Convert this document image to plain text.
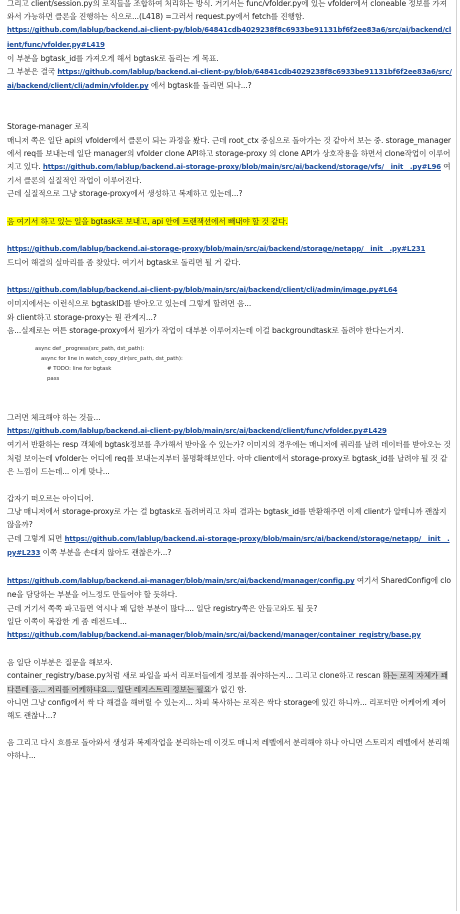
그리고 client/session.py의 로직들을 조합하여 처리하는 방식. 거기서는 func/vfolder.py에 있는 vfolder에서 cloneable 정보를 가져와서 가능하면 클론을 진행하는 식으로...(L418) =그러서 request.py에서 fetch를 진행함.

https://github.com/lablup/backend.ai-client-py/blob/64841cdb4029238f8c6933be91131bf6f2ee83a6/src/ai/backend/client/func/vfolder.py#L419

이 부분을 bgtask_id를 가져오게 해서 bgtask로 돌리는 게 목표.

그 부분은 결국 https://github.com/lablup/backend.ai-client-py/blob/64841cdb4029238f8c6933be91131bf6f2ee83a6/src/ai/backend/client/cli/admin/vfolder.py 에서 bgtask를 돌리면 되나...?

Storage-manager 로직

매니저 쪽은 일단 api의 vfolder에서 클론이 되는 과정을 봤다. 근데 root_ctx 중심으로 돌아가는 것 같아서 보는 중. storage_manager에서 req를 보내는데 일단 manager의 vfolder clone API하고 storage-proxy 의 clone API가 상호작용을 하면서 clone작업이 이루어지고 있다. https://github.com/lablup/backend.ai-storage-proxy/blob/main/src/ai/backend/storage/vfs/__init__.py#L96 여기서 클론의 실질적인 작업이 이루어진다.

근데 실질적으로 그냥 storage-proxy에서 생성하고 복제하고 있는데...?

음 여기서 하고 있는 일을 bgtask로 보내고, api 안에 트랜잭션에서 빼내야 할 것 같다.

https://github.com/lablup/backend.ai-storage-proxy/blob/main/src/ai/backend/storage/netapp/__init__.py#L231

드디어 해결의 실마리를 좀 찾았다. 여기서 bgtask로 돌리면 될 거 같다.

https://github.com/lablup/backend.ai-client-py/blob/main/src/ai/backend/client/cli/admin/image.py#L64

이미지에서는 이런식으로 bgtaskID를 받아오고 있는데 그렇게 할려면 음...

와 client하고 storage-proxy는 뭔 관계지...?

음...실제로는 여튼 storage-proxy에서 뭔가가 작업이 대부분 이루어지는데 이걸 backgroundtask로 돌려야 한다는거지.

async def _progress(src_path, dst_path):

async for line in watch_copy_dir(src_path, dst_path):

# TODO: line for bgtask

pass

그러면 체크해야 하는 것들...

https://github.com/lablup/backend.ai-client-py/blob/main/src/ai/backend/client/func/vfolder.py#L429

여기서 반환하는 resp 객체에 bgtask정보를 추가해서 받아올 수 있는가? 이미지의 경우에는 매니저에 쿼리를 날려 데이터를 받아오는 것처럼 보이는데 vfolder는 어디에 req를 보내는지부터 불명확해보인다. 아마 client에서 storage-proxy로 bgtask_id를 날려야 될 것 같은 느낌이 드는데... 이게 맞나...

갑자기 떠오르는 아이디어.

그냥 매니저에서 storage-proxy로 가는 걸 bgtask로 돌려버리고 차피 결과는 bgtask_id를 반환해주면 이제 client가 알테니까 괜찮지 않을까?

근데 그렇게 되면 https://github.com/lablup/backend.ai-storage-proxy/blob/main/src/ai/backend/storage/netapp/__init__.py#L233 이쪽 부분을 손대지 않아도 괜찮은가...?

https://github.com/lablup/backend.ai-manager/blob/main/src/ai/backend/manager/config.py 여기서 SharedConfig에 clone을 담당하는 부분을 어느정도 만들어야 할 듯하다.

근데 거기서 쪽쪽 파고들면 역시나 꽤 딥한 부분이 많다.... 일단 registry쪽은 안들고와도 될 듯?

일단 이쪽이 복잡한 게 좀 레전드네...

https://github.com/lablup/backend.ai-manager/blob/main/src/ai/backend/manager/container_registry/base.py

음 일단 이부분은 질문을 해보자.

container_registry/base.py처럼 새로 파일을 파서 리포터들에게 정보를 줘야하는지... 그리고 clone하고 rescan 하는 로직 자체가 꽤 다른데 음... 저리를 어케하냐요... 일단 레지스트리 정보는 필요가 없긴 함.

아니면 그냥 config에서 싹 다 해결을 해버릴 수 있는지... 차피 복사하는 로직은 싹다 storage에 있긴 하니까... 리포터만 어케어케 제어해도 괜찮나...?

음 그리고 다시 흐름로 돌아와서 생성과 복제작업을 분리하는데 이것도 매니저 레벨에서 분리해야 하나 아니면 스토리지 레벨에서 분리해야하나...
